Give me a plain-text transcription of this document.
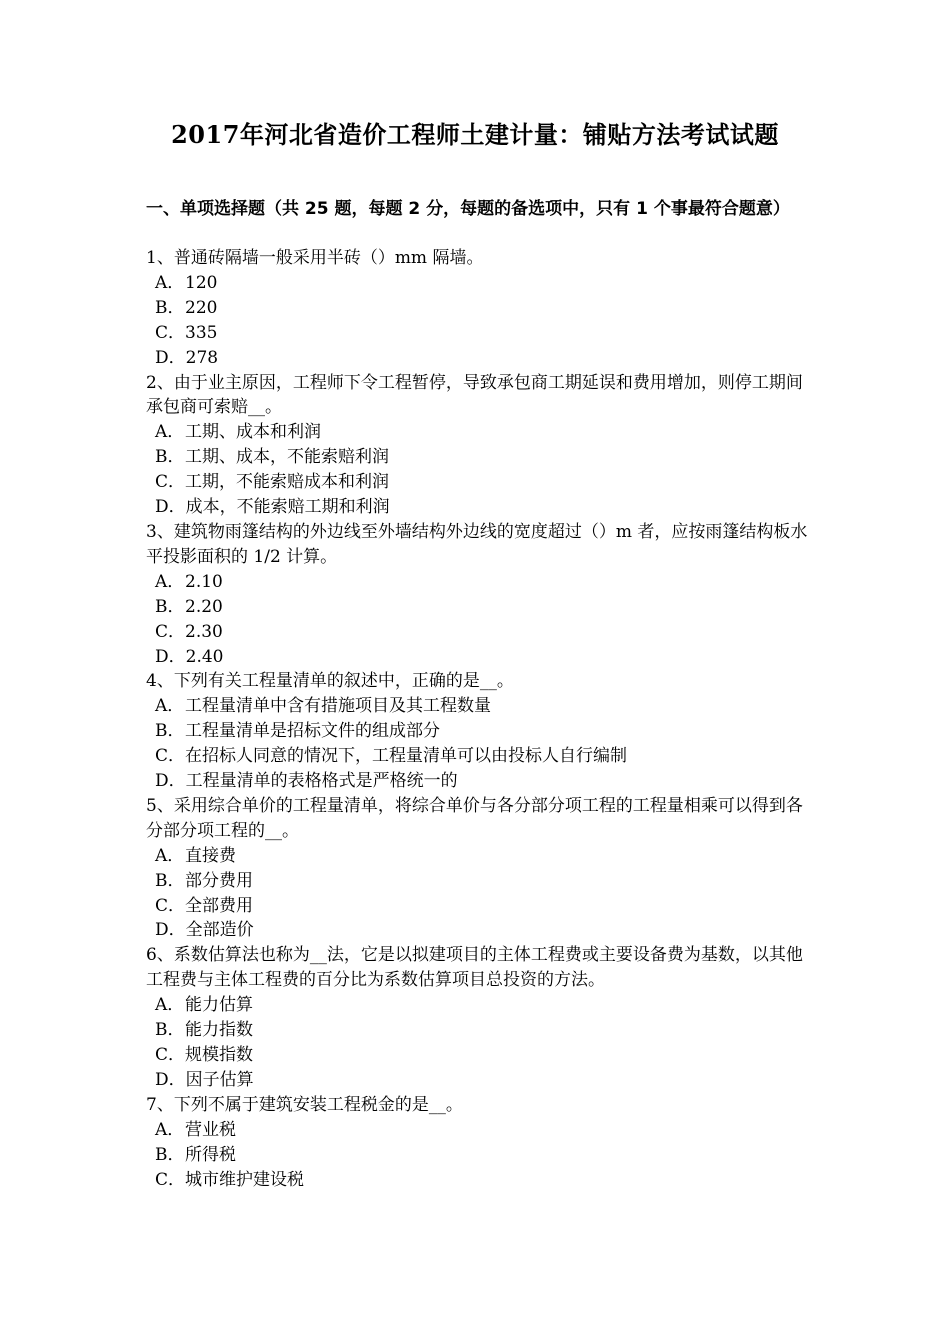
2017年河北省造价工程师土建计量：铺贴方法考试试题

一、单项选择题（共 25 题，每题 2 分，每题的备选项中，只有 1 个事最符合题意）

1、普通砖隔墙一般采用半砖（）mm 隔墙。

A．120

B．220

C．335

D．278

2、由于业主原因，工程师下令工程暂停，导致承包商工期延误和费用增加，则停工期间承包商可索赔__。

A．工期、成本和利润

B．工期、成本，不能索赔利润

C．工期，不能索赔成本和利润

D．成本，不能索赔工期和利润

3、建筑物雨篷结构的外边线至外墙结构外边线的宽度超过（）m 者，应按雨篷结构板水平投影面积的 1/2 计算。

A．2.10

B．2.20

C．2.30

D．2.40

4、下列有关工程量清单的叙述中，正确的是__。

A．工程量清单中含有措施项目及其工程数量

B．工程量清单是招标文件的组成部分

C．在招标人同意的情况下，工程量清单可以由投标人自行编制

D．工程量清单的表格格式是严格统一的

5、采用综合单价的工程量清单，将综合单价与各分部分项工程的工程量相乘可以得到各分部分项工程的__。

A．直接费

B．部分费用

C．全部费用

D．全部造价

6、系数估算法也称为__法，它是以拟建项目的主体工程费或主要设备费为基数，以其他工程费与主体工程费的百分比为系数估算项目总投资的方法。

A．能力估算

B．能力指数

C．规模指数

D．因子估算

7、下列不属于建筑安装工程税金的是__。

A．营业税

B．所得税

C．城市维护建设税
